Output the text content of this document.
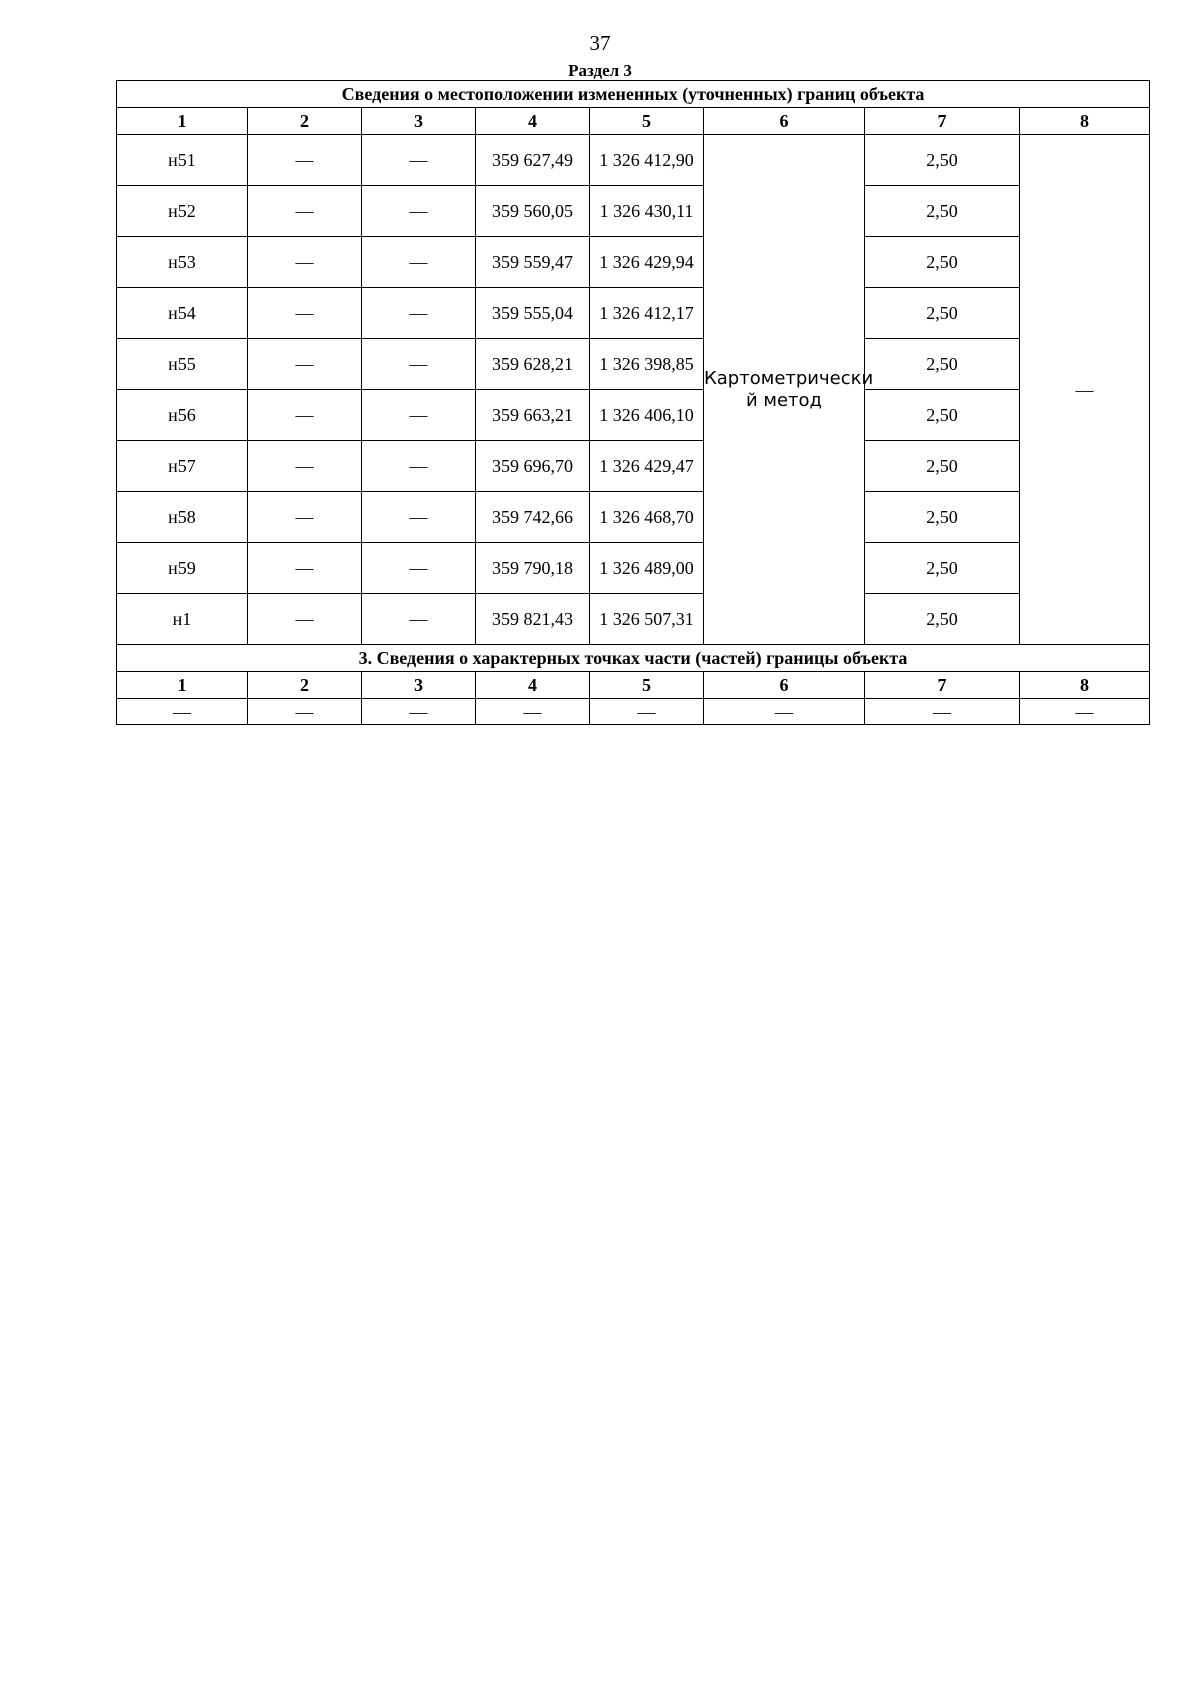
37
Раздел 3
Сведения о местоположении измененных (уточненных) границ объекта							
1	2	3	4	5	6	7	8
н51	—	—	359 627,49	1 326 412,90	Картометрически й метод	2,50	—
н52	—	—	359 560,05	1 326 430,11		2,50	
н53	—	—	359 559,47	1 326 429,94		2,50	
н54	—	—	359 555,04	1 326 412,17		2,50	
н55	—	—	359 628,21	1 326 398,85		2,50	
н56	—	—	359 663,21	1 326 406,10		2,50	
н57	—	—	359 696,70	1 326 429,47		2,50	
н58	—	—	359 742,66	1 326 468,70		2,50	
н59	—	—	359 790,18	1 326 489,00		2,50	
н1	—	—	359 821,43	1 326 507,31		2,50	
3. Сведения о характерных точках части (частей) границы объекта							
1	2	3	4	5	6	7	8
—	—	—	—	—	—	—	—
